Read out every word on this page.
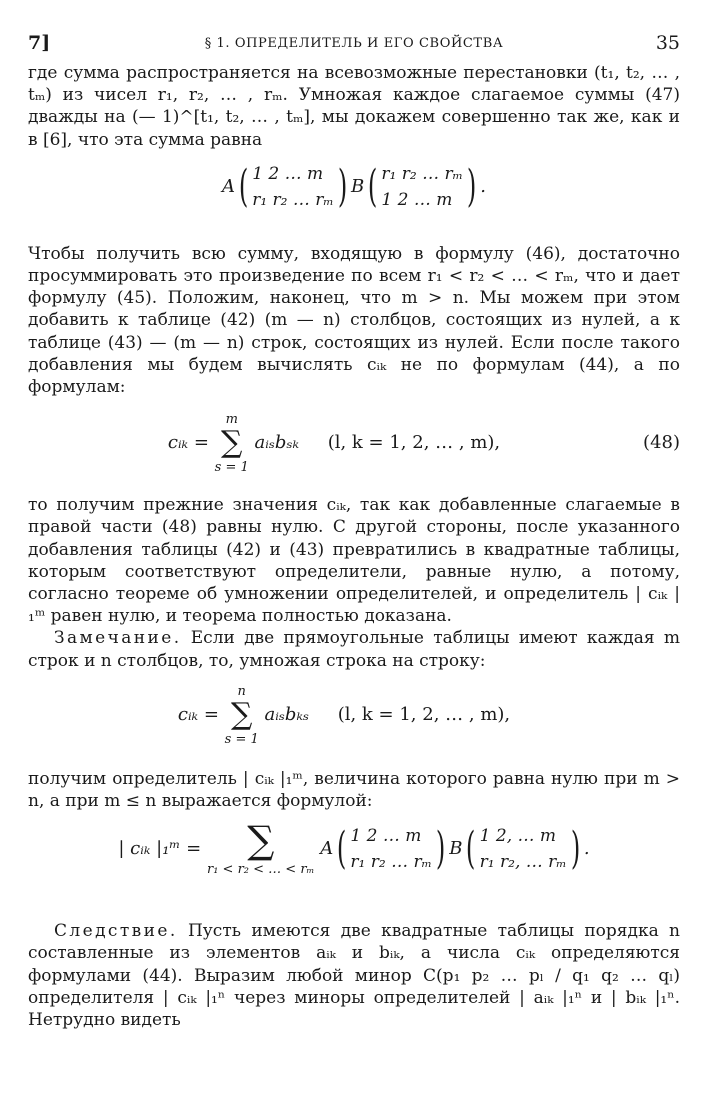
7]	§ 1. ОПРЕДЕЛИТЕЛЬ И ЕГО СВОЙСТВА	35

где сумма распространяется на всевозможные перестановки (t₁, t₂, … , tₘ) из чисел r₁, r₂, … , rₘ. Умножая каждое слагаемое суммы (47) дважды на (— 1)^[t₁, t₂, … , tₘ], мы докажем совершенно так же, как и в [6], что эта сумма равна

A( 1 2 … m
r₁ r₂ … rₘ) B( r₁ r₂ … rₘ
1 2 … m ) .

Чтобы получить всю сумму, входящую в формулу (46), достаточно просуммировать это произведение по всем r₁ < r₂ < … < rₘ, что и дает формулу (45). Положим, наконец, что m > n. Мы можем при этом добавить к таблице (42) (m — n) столбцов, состоящих из нулей, а к таблице (43) — (m — n) строк, состоящих из нулей. Если после такого добавления мы будем вычислять cᵢₖ не по формулам (44), а по формулам:

cᵢₖ = m
∑
s = 1 aᵢₛbₛₖ (l, k = 1, 2, … , m),	(48)

то получим прежние значения cᵢₖ, так как добавленные слагаемые в правой части (48) равны нулю. С другой стороны, после указанного добавления таблицы (42) и (43) превратились в квадратные таблицы, которым соответствуют определители, равные нулю, а потому, согласно теореме об умножении определителей, и определитель | cᵢₖ |₁ᵐ равен нулю, и теорема полностью доказана.

Замечание. Если две прямоугольные таблицы имеют каждая m строк и n столбцов, то, умножая строка на строку:

cᵢₖ = n
∑
s = 1 aᵢₛbₖₛ (l, k = 1, 2, … , m),

получим определитель | cᵢₖ |₁ᵐ, величина которого равна нулю при m > n, а при m ≤ n выражается формулой:

| cᵢₖ |₁ᵐ = ∑
r₁ < r₂ < … < rₘ A( 1 2 … m
r₁ r₂ … rₘ) B( 1 2, … m
r₁ r₂, … rₘ) .

Следствие. Пусть имеются две квадратные таблицы порядка n составленные из элементов aᵢₖ и bᵢₖ, а числа cᵢₖ определяются формулами (44). Выразим любой минор C(p₁ p₂ … pₗ / q₁ q₂ … qₗ) определителя | cᵢₖ |₁ⁿ через миноры определителей | aᵢₖ |₁ⁿ и | bᵢₖ |₁ⁿ. Нетрудно видеть
